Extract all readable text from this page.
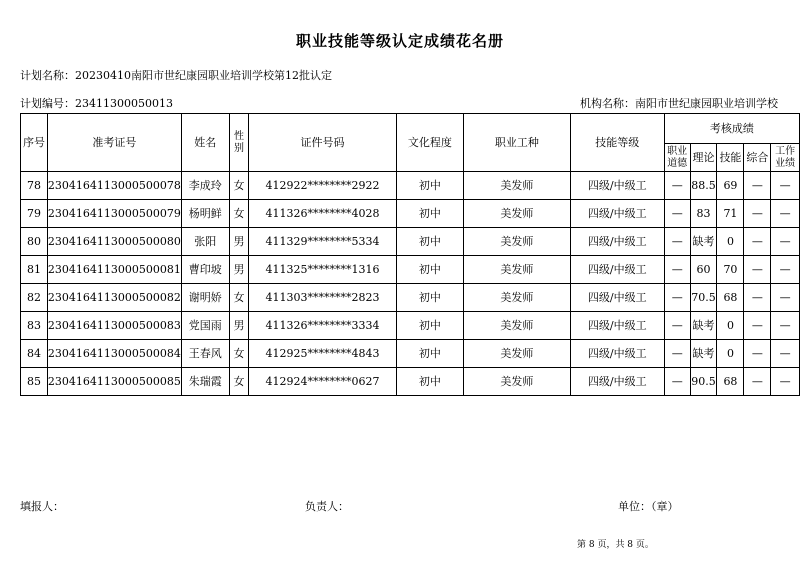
职业技能等级认定成绩花名册
计划名称：20230410南阳市世纪康园职业培训学校第12批认定
计划编号：23411300050013	机构名称：南阳市世纪康园职业培训学校
序号	准考证号	姓名	性别	证件号码	文化程度	职业工种	技能等级	考核成绩				
								职业道德	理论	技能	综合	工作业绩
78	2304164113000500078	李成玲	女	412922********2922	初中	美发师	四级/中级工	—	88.5	69	—	—
79	2304164113000500079	杨明鲜	女	411326********4028	初中	美发师	四级/中级工	—	83	71	—	—
80	2304164113000500080	张阳	男	411329********5334	初中	美发师	四级/中级工	—	缺考	0	—	—
81	2304164113000500081	曹印坡	男	411325********1316	初中	美发师	四级/中级工	—	60	70	—	—
82	2304164113000500082	谢明娇	女	411303********2823	初中	美发师	四级/中级工	—	70.5	68	—	—
83	2304164113000500083	党国雨	男	411326********3334	初中	美发师	四级/中级工	—	缺考	0	—	—
84	2304164113000500084	王春风	女	412925********4843	初中	美发师	四级/中级工	—	缺考	0	—	—
85	2304164113000500085	朱瑞霞	女	412924********0627	初中	美发师	四级/中级工	—	90.5	68	—	—
填报人：	负责人：	单位：（章）
第 8 页，共 8 页。
